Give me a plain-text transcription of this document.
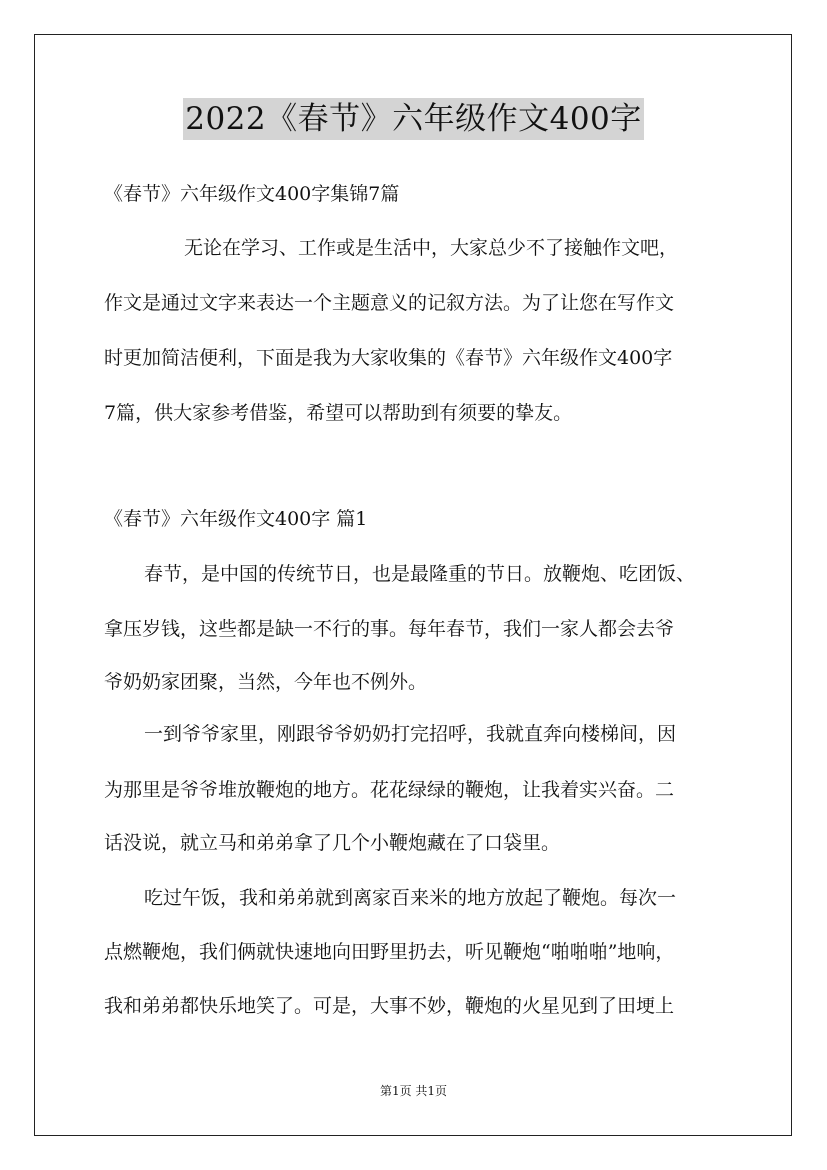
2022《春节》六年级作文400字
《春节》六年级作文400字集锦7篇
无论在学习、工作或是生活中，大家总少不了接触作文吧，
作文是通过文字来表达一个主题意义的记叙方法。为了让您在写作文
时更加简洁便利，下面是我为大家收集的《春节》六年级作文400字
7篇，供大家参考借鉴，希望可以帮助到有须要的挚友。
《春节》六年级作文400字 篇1
春节，是中国的传统节日，也是最隆重的节日。放鞭炮、吃团饭、
拿压岁钱，这些都是缺一不行的事。每年春节，我们一家人都会去爷
爷奶奶家团聚，当然，今年也不例外。
一到爷爷家里，刚跟爷爷奶奶打完招呼，我就直奔向楼梯间，因
为那里是爷爷堆放鞭炮的地方。花花绿绿的鞭炮，让我着实兴奋。二
话没说，就立马和弟弟拿了几个小鞭炮藏在了口袋里。
吃过午饭，我和弟弟就到离家百来米的地方放起了鞭炮。每次一
点燃鞭炮，我们俩就快速地向田野里扔去，听见鞭炮“啪啪啪”地响，
我和弟弟都快乐地笑了。可是，大事不妙，鞭炮的火星见到了田埂上
第1页 共1页
